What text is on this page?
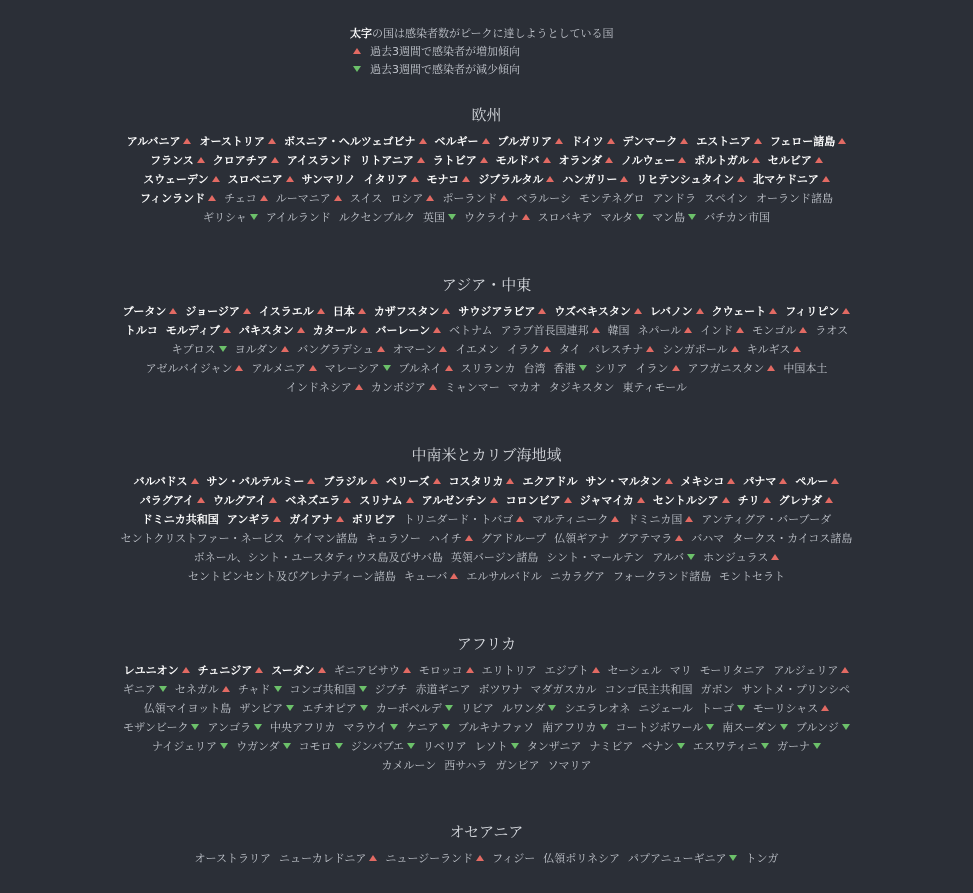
太字の国は感染者数がピークに達しようとしている国
過去3週間で感染者が増加傾向
過去3週間で感染者が減少傾向
欧州
アルバニア オーストリア ボスニア・ヘルツェゴビナ ベルギー ブルガリア ドイツ デンマーク エストニア フェロー諸島
フランス クロアチア アイスランド リトアニア ラトビア モルドバ オランダ ノルウェー ポルトガル セルビア
スウェーデン スロベニア サンマリノ イタリア モナコ ジブラルタル ハンガリー リヒテンシュタイン 北マケドニア
フィンランド チェコ ルーマニア スイス ロシア ポーランド ベラルーシ モンテネグロ アンドラ スペイン オーランド諸島
ギリシャ アイルランド ルクセンブルク 英国 ウクライナ スロバキア マルタ マン島 バチカン市国
アジア・中東
ブータン ジョージア イスラエル 日本 カザフスタン サウジアラビア ウズベキスタン レバノン クウェート フィリピン
トルコ モルディブ パキスタン カタール バーレーン ベトナム アラブ首長国連邦 韓国 ネパール インド モンゴル ラオス
キプロス ヨルダン バングラデシュ オマーン イエメン イラク タイ パレスチナ シンガポール キルギス
アゼルバイジャン アルメニア マレーシア ブルネイ スリランカ 台湾 香港 シリア イラン アフガニスタン 中国本土
インドネシア カンボジア ミャンマー マカオ タジキスタン 東ティモール
中南米とカリブ海地域
バルバドス サン・バルテルミー ブラジル ベリーズ コスタリカ エクアドル サン・マルタン メキシコ パナマ ペルー
パラグアイ ウルグアイ ベネズエラ スリナム アルゼンチン コロンビア ジャマイカ セントルシア チリ グレナダ
ドミニカ共和国 アンギラ ガイアナ ボリビア トリニダード・トバゴ マルティニーク ドミニカ国 アンティグア・バーブーダ
セントクリストファー・ネービス ケイマン諸島 キュラソー ハイチ グアドループ 仏領ギアナ グアテマラ バハマ タークス・カイコス諸島
ボネール、シント・ユースタティウス島及びサバ島 英領バージン諸島 シント・マールテン アルバ ホンジュラス
セントビンセント及びグレナディーン諸島 キューバ エルサルバドル ニカラグア フォークランド諸島 モントセラト
アフリカ
レユニオン チュニジア スーダン ギニアビサウ モロッコ エリトリア エジプト セーシェル マリ モーリタニア アルジェリア
ギニア セネガル チャド コンゴ共和国 ジブチ 赤道ギニア ボツワナ マダガスカル コンゴ民主共和国 ガボン サントメ・プリンシペ
仏領マイヨット島 ザンビア エチオピア カーボベルデ リビア ルワンダ シエラレオネ ニジェール トーゴ モーリシャス
モザンビーク アンゴラ 中央アフリカ マラウイ ケニア ブルキナファソ 南アフリカ コートジボワール 南スーダン ブルンジ
ナイジェリア ウガンダ コモロ ジンバブエ リベリア レソト タンザニア ナミビア ベナン エスワティニ ガーナ
カメルーン 西サハラ ガンビア ソマリア
オセアニア
オーストラリア ニューカレドニア ニュージーランド フィジー 仏領ポリネシア パプアニューギニア トンガ
